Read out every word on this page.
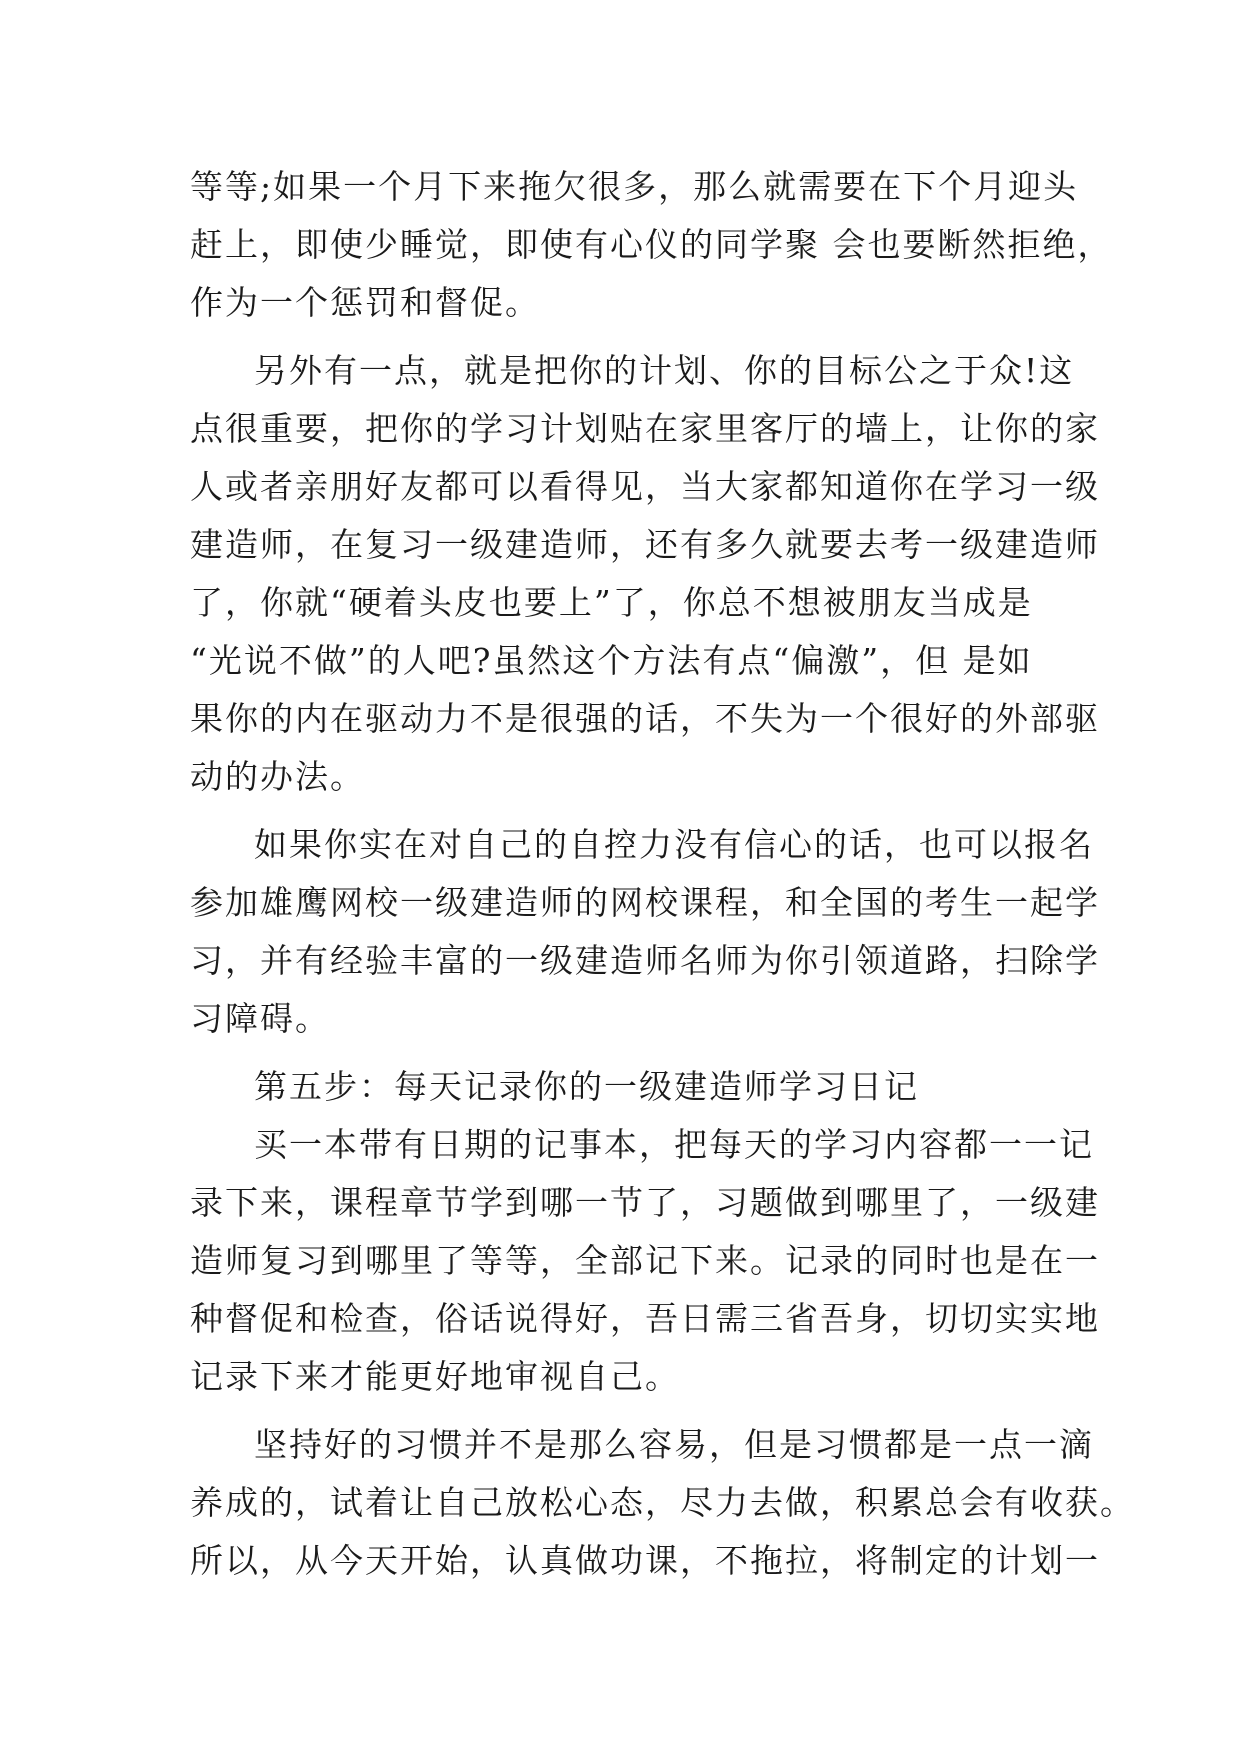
等等;如果一个月下来拖欠很多，那么就需要在下个月迎头
赶上，即使少睡觉，即使有心仪的同学聚 会也要断然拒绝，
作为一个惩罚和督促。
另外有一点，就是把你的计划、你的目标公之于众!这
点很重要，把你的学习计划贴在家里客厅的墙上，让你的家
人或者亲朋好友都可以看得见，当大家都知道你在学习一级
建造师，在复习一级建造师，还有多久就要去考一级建造师
了，你就“硬着头皮也要上”了，你总不想被朋友当成是
“光说不做”的人吧?虽然这个方法有点“偏激”，但 是如
果你的内在驱动力不是很强的话，不失为一个很好的外部驱
动的办法。
如果你实在对自己的自控力没有信心的话，也可以报名
参加雄鹰网校一级建造师的网校课程，和全国的考生一起学
习，并有经验丰富的一级建造师名师为你引领道路，扫除学
习障碍。
第五步：每天记录你的一级建造师学习日记
买一本带有日期的记事本，把每天的学习内容都一一记
录下来，课程章节学到哪一节了，习题做到哪里了，一级建
造师复习到哪里了等等，全部记下来。记录的同时也是在一
种督促和检查，俗话说得好，吾日需三省吾身，切切实实地
记录下来才能更好地审视自己。
坚持好的习惯并不是那么容易，但是习惯都是一点一滴
养成的，试着让自己放松心态，尽力去做，积累总会有收获。
所以，从今天开始，认真做功课，不拖拉，将制定的计划一
